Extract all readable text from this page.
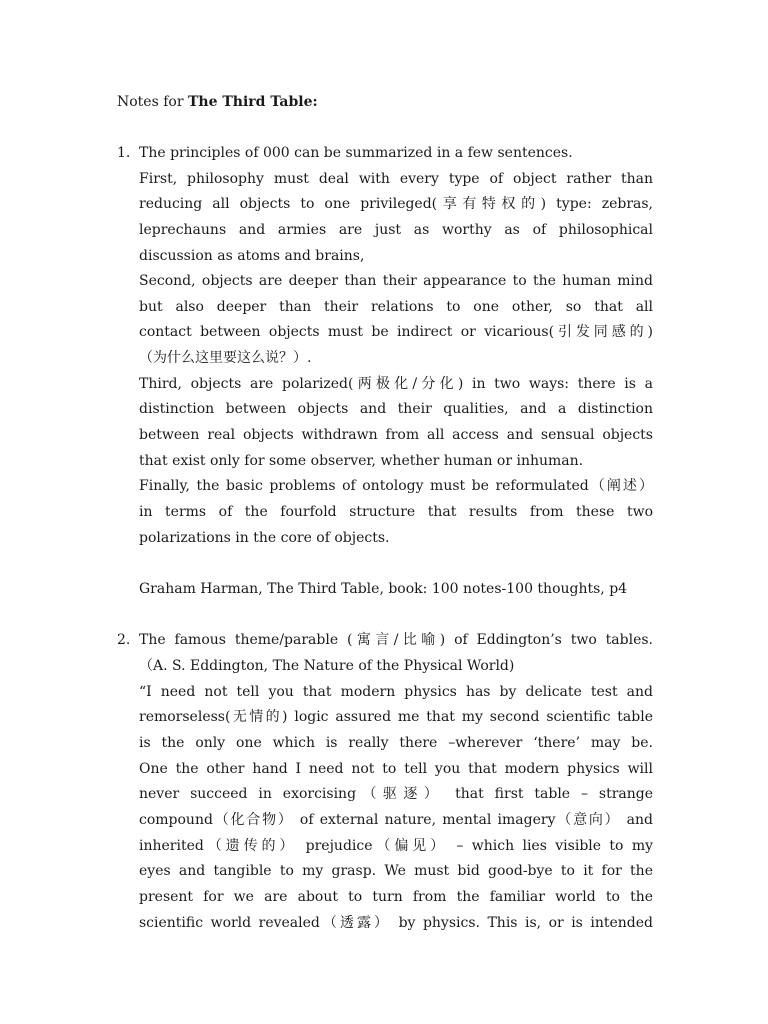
Notes for The Third Table:
1. The principles of 000 can be summarized in a few sentences.
First, philosophy must deal with every type of object rather than
reducing all objects to one privileged(享有特权的) type: zebras,
leprechauns and armies are just as worthy as of philosophical
discussion as atoms and brains,
Second, objects are deeper than their appearance to the human mind
but also deeper than their relations to one other, so that all
contact between objects must be indirect or vicarious(引发同感的)
（为什么这里要这么说？）.
Third, objects are polarized(两极化/分化) in two ways: there is a
distinction between objects and their qualities, and a distinction
between real objects withdrawn from all access and sensual objects
that exist only for some observer, whether human or inhuman.
Finally, the basic problems of ontology must be reformulated（阐述）
in terms of the fourfold structure that results from these two
polarizations in the core of objects.
Graham Harman, The Third Table, book: 100 notes-100 thoughts, p4
2. The famous theme/parable (寓言/比喻) of Eddington’s two tables.
（A. S. Eddington, The Nature of the Physical World)
“I need not tell you that modern physics has by delicate test and
remorseless(无情的) logic assured me that my second scientific table
is the only one which is really there –wherever ‘there’ may be.
One the other hand I need not to tell you that modern physics will
never succeed in exorcising（驱逐） that first table – strange
compound（化合物） of external nature, mental imagery（意向） and
inherited（遗传的） prejudice（偏见） – which lies visible to my
eyes and tangible to my grasp. We must bid good-bye to it for the
present for we are about to turn from the familiar world to the
scientific world revealed（透露） by physics. This is, or is intended
